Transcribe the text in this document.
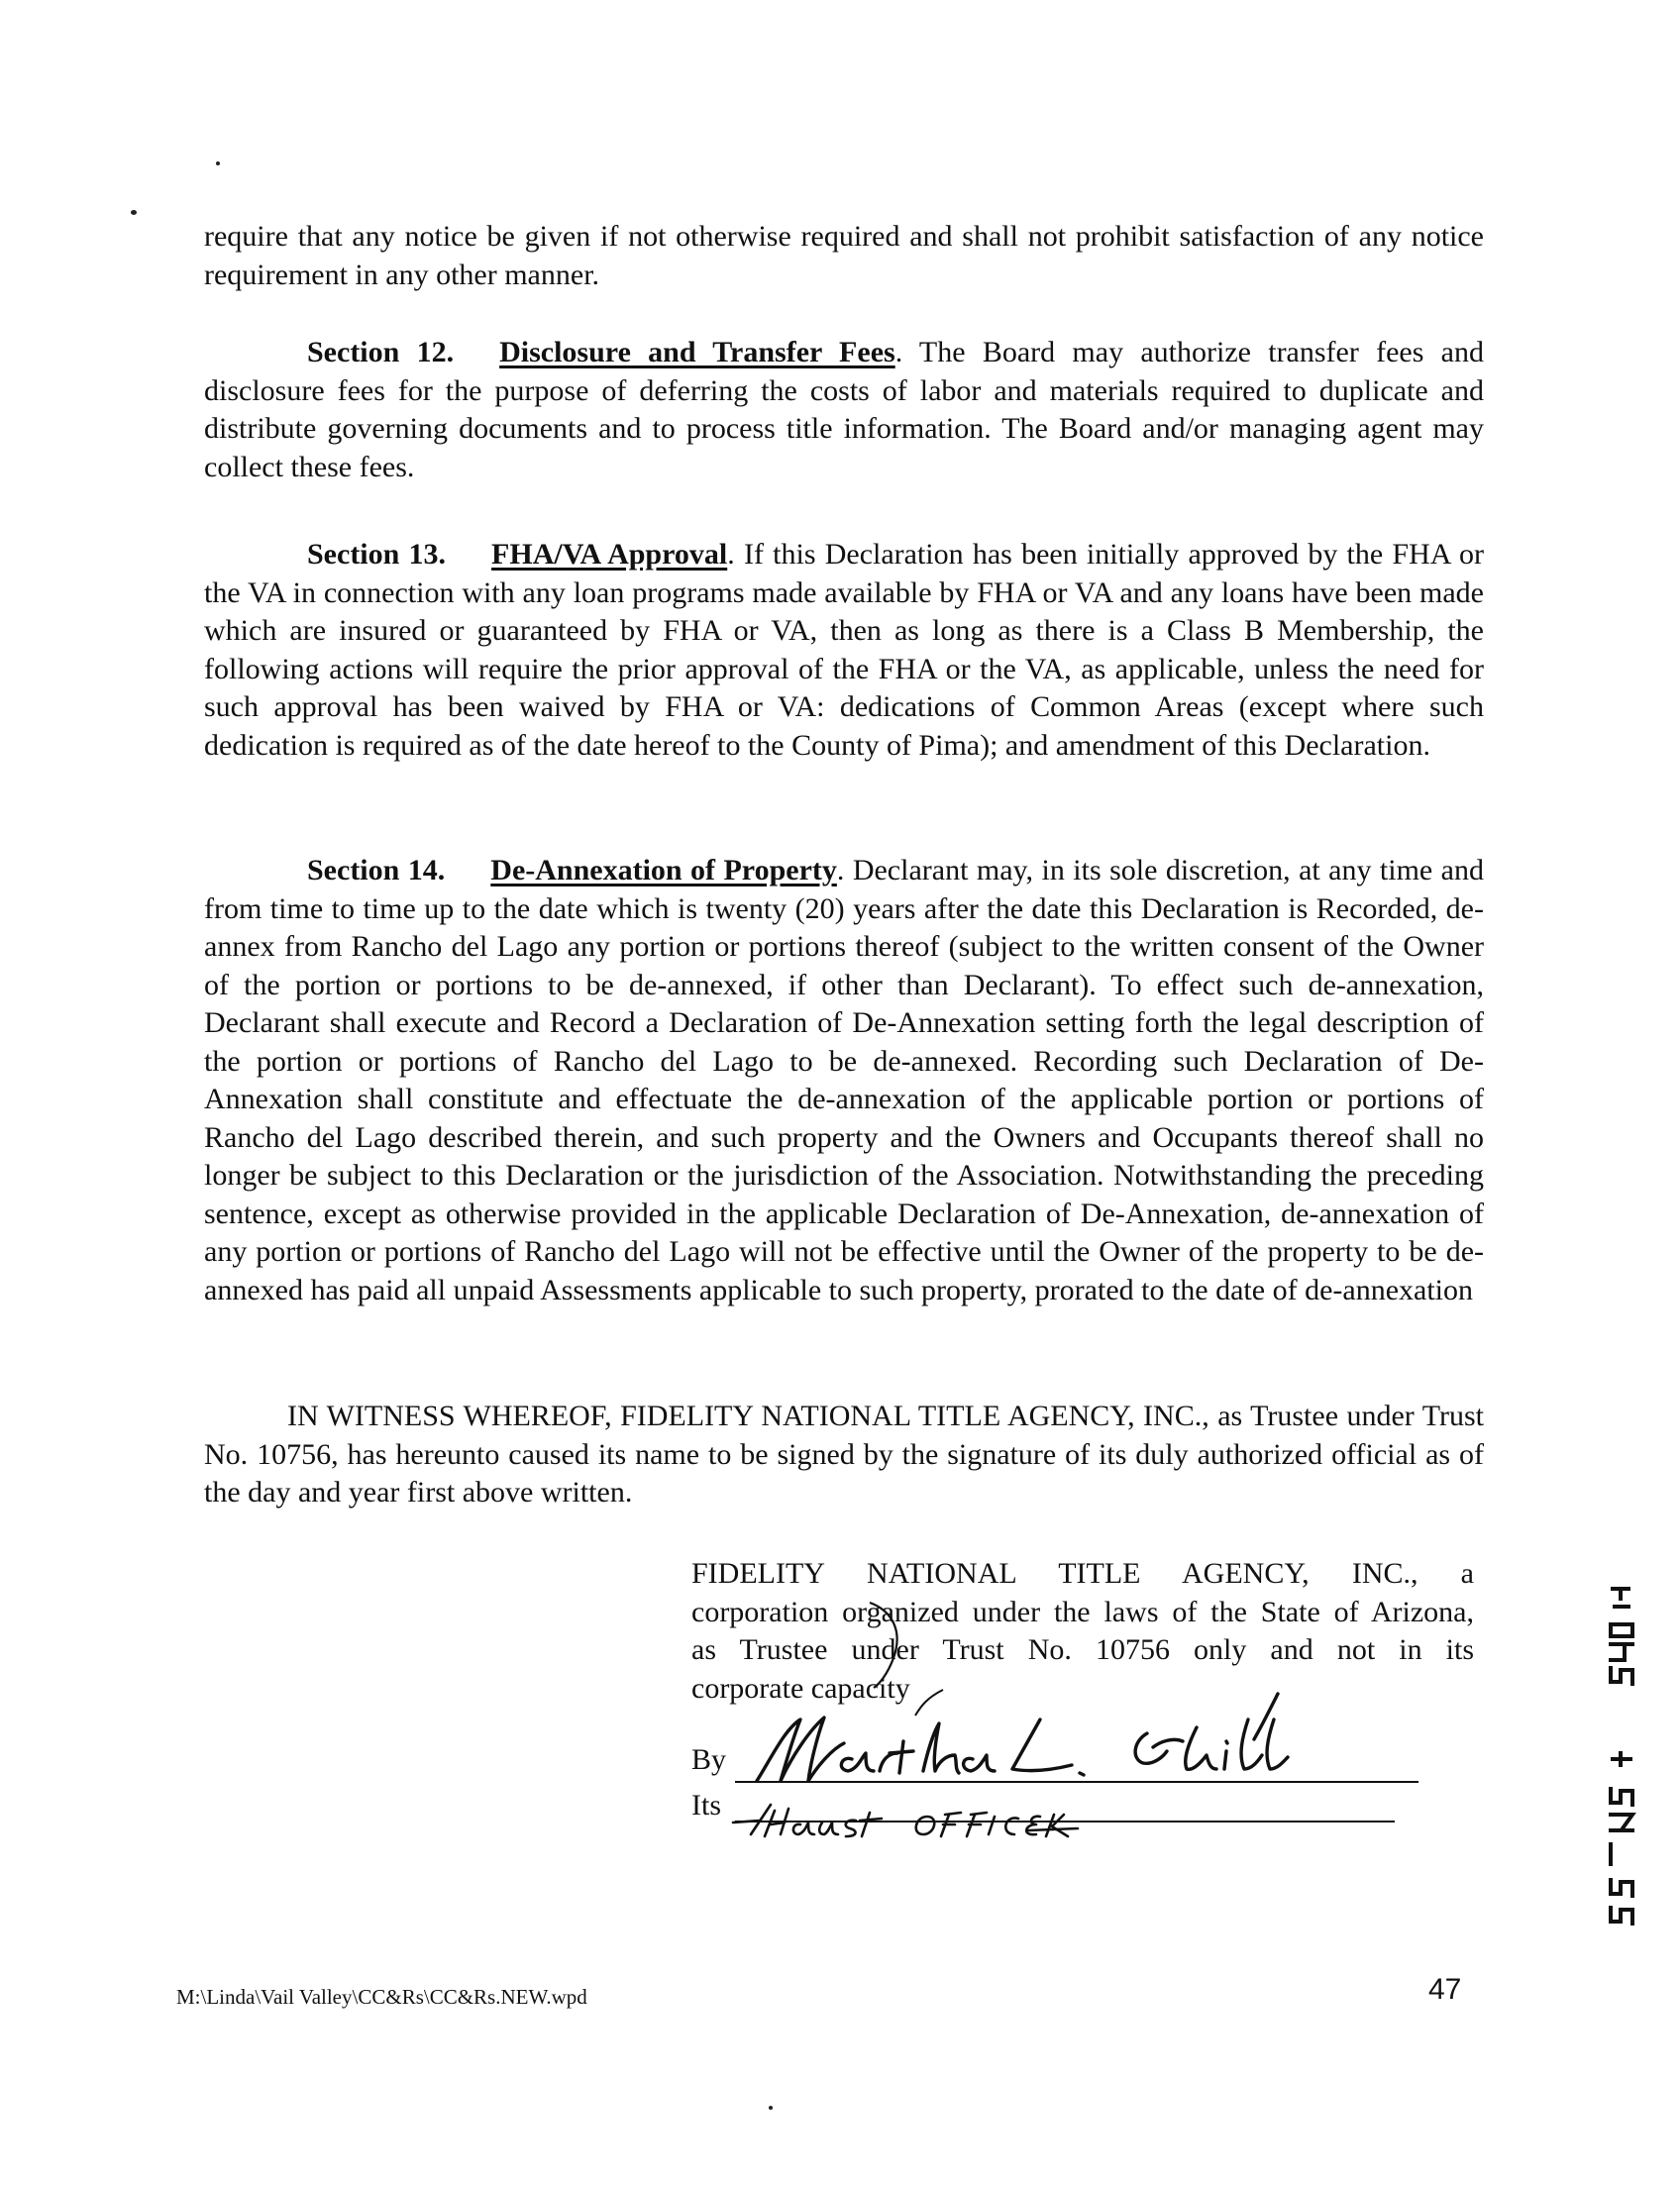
require that any notice be given if not otherwise required and shall not prohibit satisfaction of any notice requirement in any other manner.

Section 12. Disclosure and Transfer Fees. The Board may authorize transfer fees and disclosure fees for the purpose of deferring the costs of labor and materials required to duplicate and distribute governing documents and to process title information. The Board and/or managing agent may collect these fees.

Section 13. FHA/VA Approval. If this Declaration has been initially approved by the FHA or the VA in connection with any loan programs made available by FHA or VA and any loans have been made which are insured or guaranteed by FHA or VA, then as long as there is a Class B Membership, the following actions will require the prior approval of the FHA or the VA, as applicable, unless the need for such approval has been waived by FHA or VA: dedications of Common Areas (except where such dedication is required as of the date hereof to the County of Pima); and amendment of this Declaration.

Section 14. De-Annexation of Property. Declarant may, in its sole discretion, at any time and from time to time up to the date which is twenty (20) years after the date this Declaration is Recorded, de-annex from Rancho del Lago any portion or portions thereof (subject to the written consent of the Owner of the portion or portions to be de-annexed, if other than Declarant). To effect such de-annexation, Declarant shall execute and Record a Declaration of De-Annexation setting forth the legal description of the portion or portions of Rancho del Lago to be de-annexed. Recording such Declaration of De-Annexation shall constitute and effectuate the de-annexation of the applicable portion or portions of Rancho del Lago described therein, and such property and the Owners and Occupants thereof shall no longer be subject to this Declaration or the jurisdiction of the Association. Notwithstanding the preceding sentence, except as otherwise provided in the applicable Declaration of De-Annexation, de-annexation of any portion or portions of Rancho del Lago will not be effective until the Owner of the property to be de-annexed has paid all unpaid Assessments applicable to such property, prorated to the date of de-annexation

IN WITNESS WHEREOF, FIDELITY NATIONAL TITLE AGENCY, INC., as Trustee under Trust No. 10756, has hereunto caused its name to be signed by the signature of its duly authorized official as of the day and year first above written.

FIDELITY NATIONAL TITLE AGENCY, INC., a
corporation organized under the laws of the State of Arizona,
as Trustee under Trust No. 10756 only and not in its
corporate capacity
By
Its
M:\Linda\Vail Valley\CC&Rs\CC&Rs.NEW.wpd	47
